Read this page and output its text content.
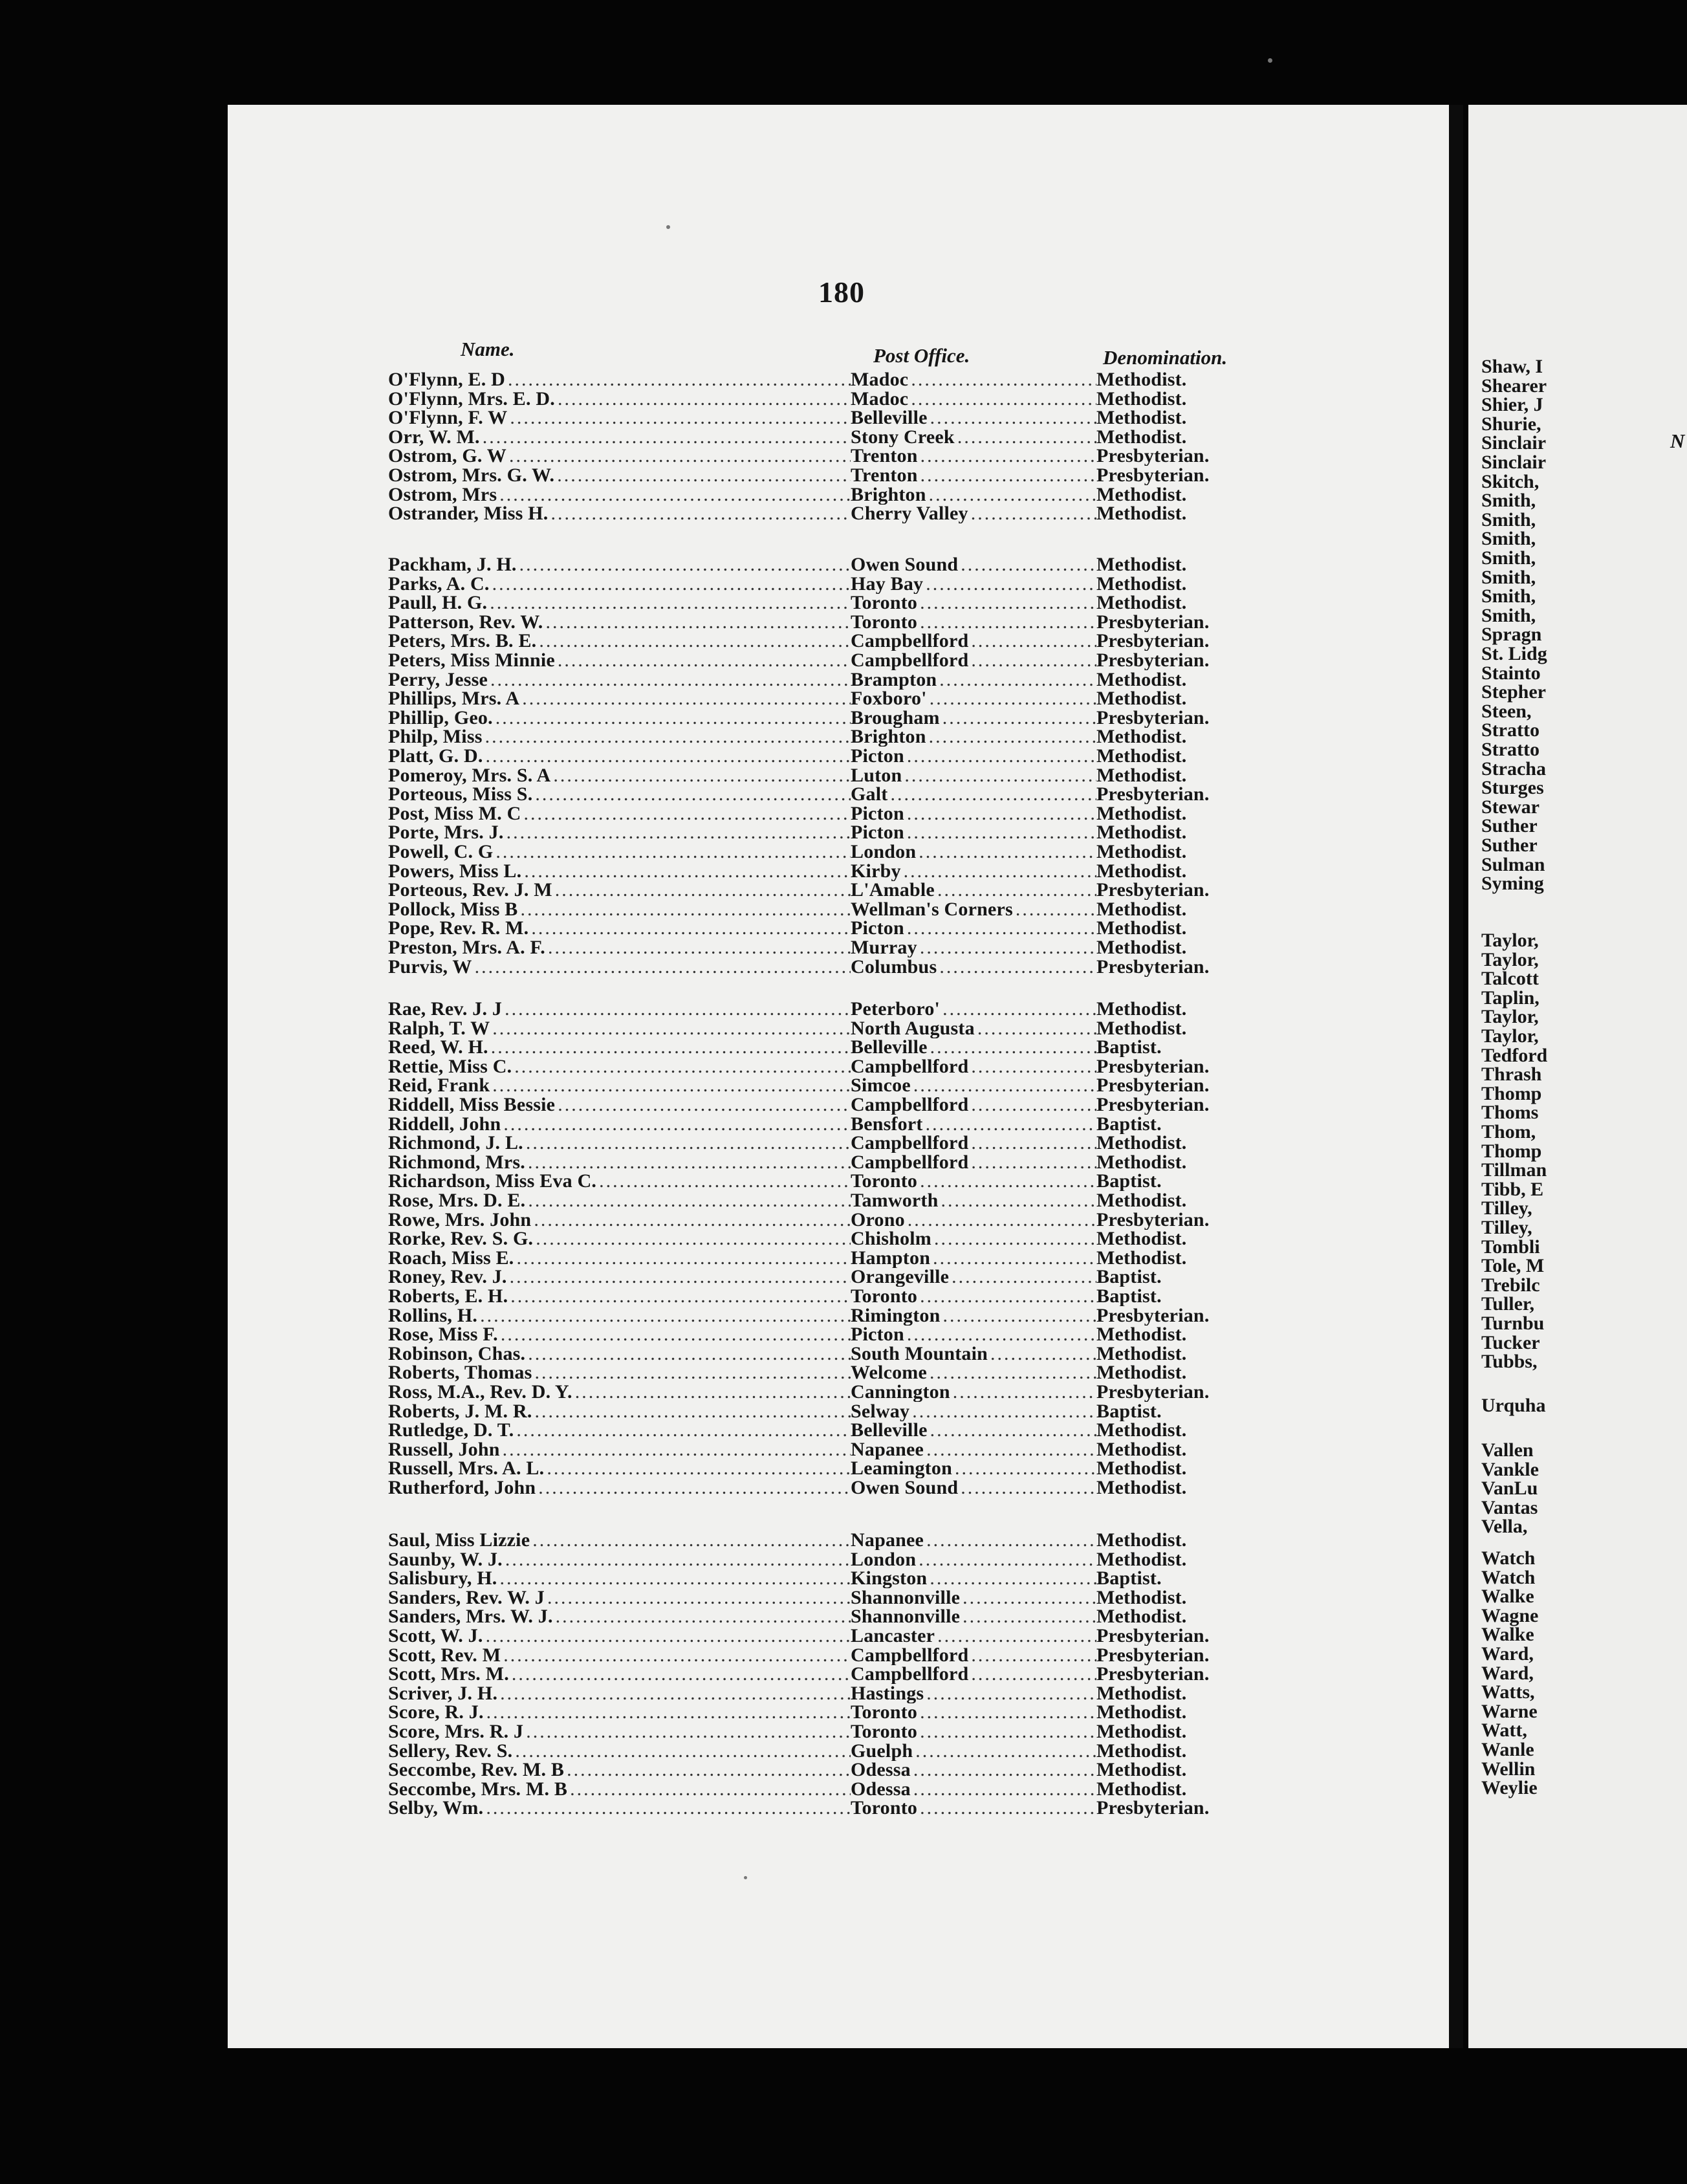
N
Shaw, I
Shearer
Shier, J
Shurie,
Sinclair
Sinclair
Skitch,
Smith,
Smith,
Smith,
Smith,
Smith,
Smith,
Smith,
Spragn
St. Lidg
Stainto
Stepher
Steen,
Stratto
Stratto
Stracha
Sturges
Stewar
Suther
Suther
Sulman
Syming
Taylor,
Taylor,
Talcott
Taplin,
Taylor,
Taylor,
Tedford
Thrash
Thomp
Thoms
Thom,
Thomp
Tillman
Tibb, E
Tilley,
Tilley,
Tombli
Tole, M
Trebilc
Tuller,
Turnbu
Tucker
Tubbs,
Urquha
Vallen
Vankle
VanLu
Vantas
Vella,
Watch
Watch
Walke
Wagne
Walke
Ward,
Ward,
Watts,
Warne
Watt,
Wanle
Wellin
Weylie
180
Name.	Post Office.	Denomination.
O'Flynn, E. D .....	Madoc .....	Methodist.
O'Flynn, Mrs. E. D. .....	Madoc .....	Methodist.
O'Flynn, F. W .....	Belleville .....	Methodist.
Orr, W. M. .....	Stony Creek .....	Methodist.
Ostrom, G. W .....	Trenton .....	Presbyterian.
Ostrom, Mrs. G. W. .....	Trenton .....	Presbyterian.
Ostrom, Mrs .....	Brighton .....	Methodist.
Ostrander, Miss H. .....	Cherry Valley .....	Methodist.
Packham, J. H. .....	Owen Sound .....	Methodist.
Parks, A. C. .....	Hay Bay .....	Methodist.
Paull, H. G. .....	Toronto .....	Methodist.
Patterson, Rev. W. .....	Toronto .....	Presbyterian.
Peters, Mrs. B. E. .....	Campbellford .....	Presbyterian.
Peters, Miss Minnie .....	Campbellford .....	Presbyterian.
Perry, Jesse .....	Brampton .....	Methodist.
Phillips, Mrs. A .....	Foxboro' .....	Methodist.
Phillip, Geo. .....	Brougham .....	Presbyterian.
Philp, Miss .....	Brighton .....	Methodist.
Platt, G. D. .....	Picton .....	Methodist.
Pomeroy, Mrs. S. A .....	Luton .....	Methodist.
Porteous, Miss S. .....	Galt .....	Presbyterian.
Post, Miss M. C .....	Picton .....	Methodist.
Porte, Mrs. J. .....	Picton .....	Methodist.
Powell, C. G .....	London .....	Methodist.
Powers, Miss L. .....	Kirby .....	Methodist.
Porteous, Rev. J. M .....	L'Amable .....	Presbyterian.
Pollock, Miss B .....	Wellman's Corners .....	Methodist.
Pope, Rev. R. M. .....	Picton .....	Methodist.
Preston, Mrs. A. F. .....	Murray .....	Methodist.
Purvis, W .....	Columbus .....	Presbyterian.
Rae, Rev. J. J .....	Peterboro' .....	Methodist.
Ralph, T. W .....	North Augusta .....	Methodist.
Reed, W. H. .....	Belleville .....	Baptist.
Rettie, Miss C. .....	Campbellford .....	Presbyterian.
Reid, Frank .....	Simcoe .....	Presbyterian.
Riddell, Miss Bessie .....	Campbellford .....	Presbyterian.
Riddell, John .....	Bensfort .....	Baptist.
Richmond, J. L. .....	Campbellford .....	Methodist.
Richmond, Mrs. .....	Campbellford .....	Methodist.
Richardson, Miss Eva C. .....	Toronto .....	Baptist.
Rose, Mrs. D. E. .....	Tamworth .....	Methodist.
Rowe, Mrs. John .....	Orono .....	Presbyterian.
Rorke, Rev. S. G. .....	Chisholm .....	Methodist.
Roach, Miss E. .....	Hampton .....	Methodist.
Roney, Rev. J. .....	Orangeville .....	Baptist.
Roberts, E. H. .....	Toronto .....	Baptist.
Rollins, H. .....	Rimington .....	Presbyterian.
Rose, Miss F. .....	Picton .....	Methodist.
Robinson, Chas. .....	South Mountain .....	Methodist.
Roberts, Thomas .....	Welcome .....	Methodist.
Ross, M.A., Rev. D. Y. .....	Cannington .....	Presbyterian.
Roberts, J. M. R. .....	Selway .....	Baptist.
Rutledge, D. T. .....	Belleville .....	Methodist.
Russell, John .....	Napanee .....	Methodist.
Russell, Mrs. A. L. .....	Leamington .....	Methodist.
Rutherford, John .....	Owen Sound .....	Methodist.
Saul, Miss Lizzie .....	Napanee .....	Methodist.
Saunby, W. J. .....	London .....	Methodist.
Salisbury, H. .....	Kingston .....	Baptist.
Sanders, Rev. W. J .....	Shannonville .....	Methodist.
Sanders, Mrs. W. J. .....	Shannonville .....	Methodist.
Scott, W. J. .....	Lancaster .....	Presbyterian.
Scott, Rev. M .....	Campbellford .....	Presbyterian.
Scott, Mrs. M. .....	Campbellford .....	Presbyterian.
Scriver, J. H. .....	Hastings .....	Methodist.
Score, R. J. .....	Toronto .....	Methodist.
Score, Mrs. R. J .....	Toronto .....	Methodist.
Sellery, Rev. S. .....	Guelph .....	Methodist.
Seccombe, Rev. M. B .....	Odessa .....	Methodist.
Seccombe, Mrs. M. B .....	Odessa .....	Methodist.
Selby, Wm. .....	Toronto .....	Presbyterian.
